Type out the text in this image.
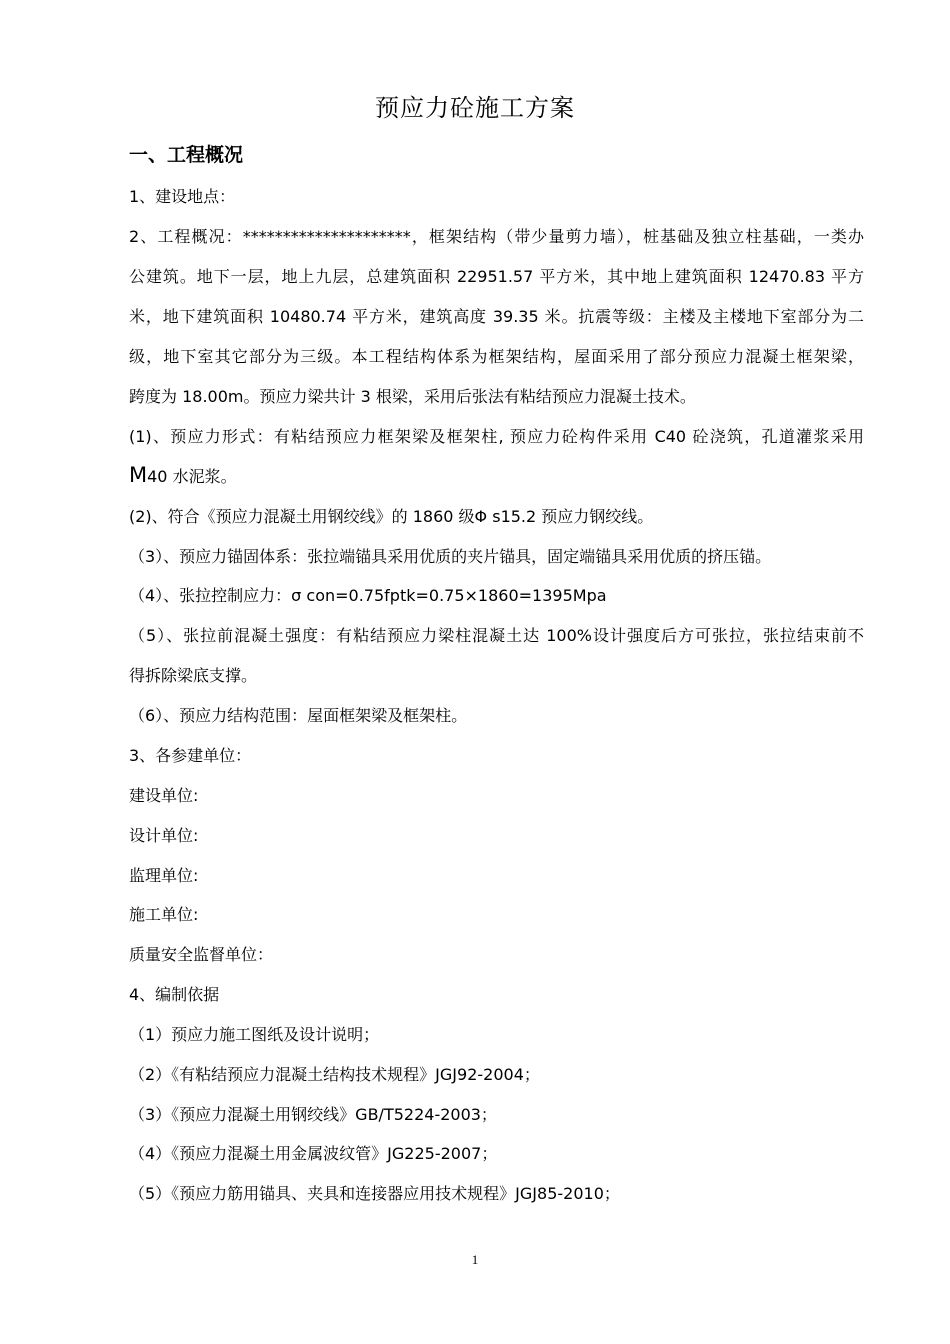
预应力砼施工方案
一、工程概况
1、建设地点：
2、工程概况：*********************，框架结构（带少量剪力墙），桩基础及独立柱基础，一类办
公建筑。地下一层，地上九层，总建筑面积 22951.57 平方米，其中地上建筑面积 12470.83 平方
米，地下建筑面积 10480.74 平方米，建筑高度 39.35 米。抗震等级：主楼及主楼地下室部分为二
级，地下室其它部分为三级。本工程结构体系为框架结构，屋面采用了部分预应力混凝土框架梁，
跨度为 18.00m。预应力梁共计 3 根梁，采用后张法有粘结预应力混凝土技术。
(1)、预应力形式：有粘结预应力框架梁及框架柱, 预应力砼构件采用 C40 砼浇筑，孔道灌浆采用
M40 水泥浆。
(2)、符合《预应力混凝土用钢绞线》的 1860 级Φ s15.2 预应力钢绞线。
（3）、预应力锚固体系：张拉端锚具采用优质的夹片锚具，固定端锚具采用优质的挤压锚。
（4）、张拉控制应力：σ con=0.75fptk=0.75×1860=1395Mpa
（5）、张拉前混凝土强度：有粘结预应力梁柱混凝土达 100%设计强度后方可张拉，张拉结束前不
得拆除梁底支撑。
（6）、预应力结构范围：屋面框架梁及框架柱。
3、各参建单位：
建设单位:
设计单位:
监理单位:
施工单位:
质量安全监督单位：
4、编制依据
（1）预应力施工图纸及设计说明；
（2）《有粘结预应力混凝土结构技术规程》JGJ92-2004；
（3）《预应力混凝土用钢绞线》GB/T5224-2003；
（4）《预应力混凝土用金属波纹管》JG225-2007；
（5）《预应力筋用锚具、夹具和连接器应用技术规程》JGJ85-2010；
1
